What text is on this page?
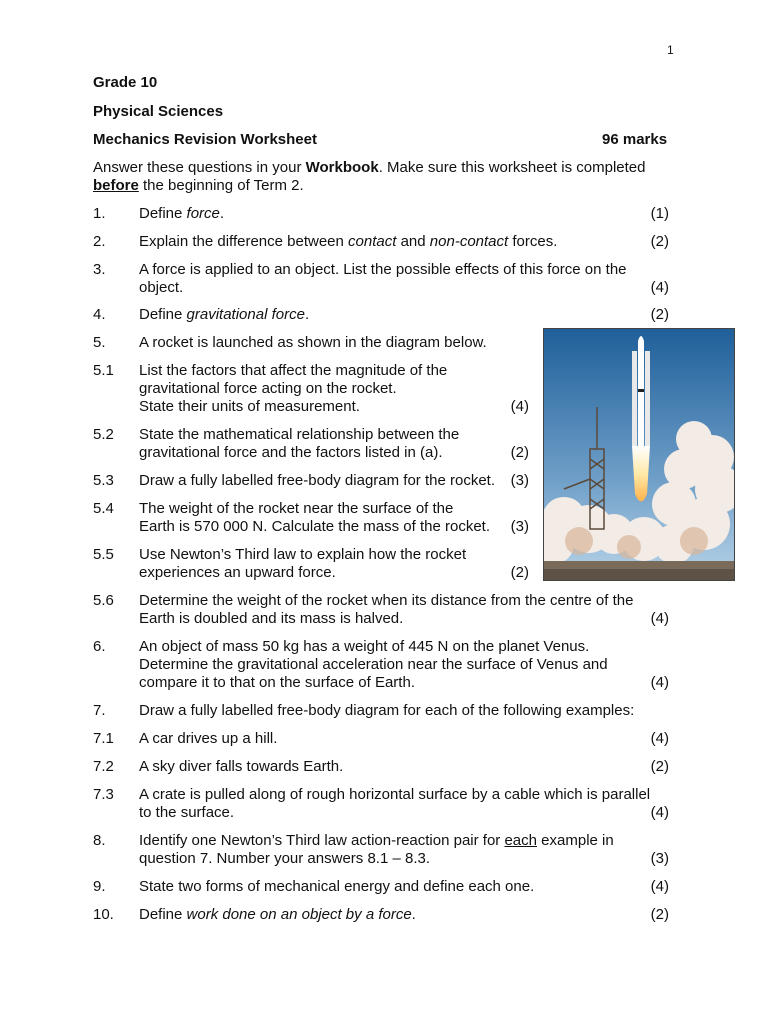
1
Grade 10
Physical Sciences
Mechanics Revision Worksheet	96 marks
Answer these questions in your Workbook. Make sure this worksheet is completed
before the beginning of Term 2.
1. Define force.	(1)
2. Explain the difference between contact and non-contact forces.	(2)
3. A force is applied to an object. List the possible effects of this force on the
object.	(4)
4. Define gravitational force.	(2)
5. A rocket is launched as shown in the diagram below.
5.1 List the factors that affect the magnitude of the
gravitational force acting on the rocket.
State their units of measurement.	(4)
5.2 State the mathematical relationship between the
gravitational force and the factors listed in (a).	(2)
5.3 Draw a fully labelled free-body diagram for the rocket. (3)
5.4 The weight of the rocket near the surface of the
Earth is 570 000 N. Calculate the mass of the rocket. (3)
5.5 Use Newton’s Third law to explain how the rocket
experiences an upward force.	(2)
5.6 Determine the weight of the rocket when its distance from the centre of the
Earth is doubled and its mass is halved.	(4)
6. An object of mass 50 kg has a weight of 445 N on the planet Venus.
Determine the gravitational acceleration near the surface of Venus and
compare it to that on the surface of Earth.	(4)
7. Draw a fully labelled free-body diagram for each of the following examples:
7.1 A car drives up a hill.	(4)
7.2 A sky diver falls towards Earth.	(2)
7.3 A crate is pulled along of rough horizontal surface by a cable which is parallel
to the surface.	(4)
8. Identify one Newton’s Third law action-reaction pair for each example in
question 7. Number your answers 8.1 – 8.3.	(3)
9. State two forms of mechanical energy and define each one.	(4)
10. Define work done on an object by a force.	(2)
